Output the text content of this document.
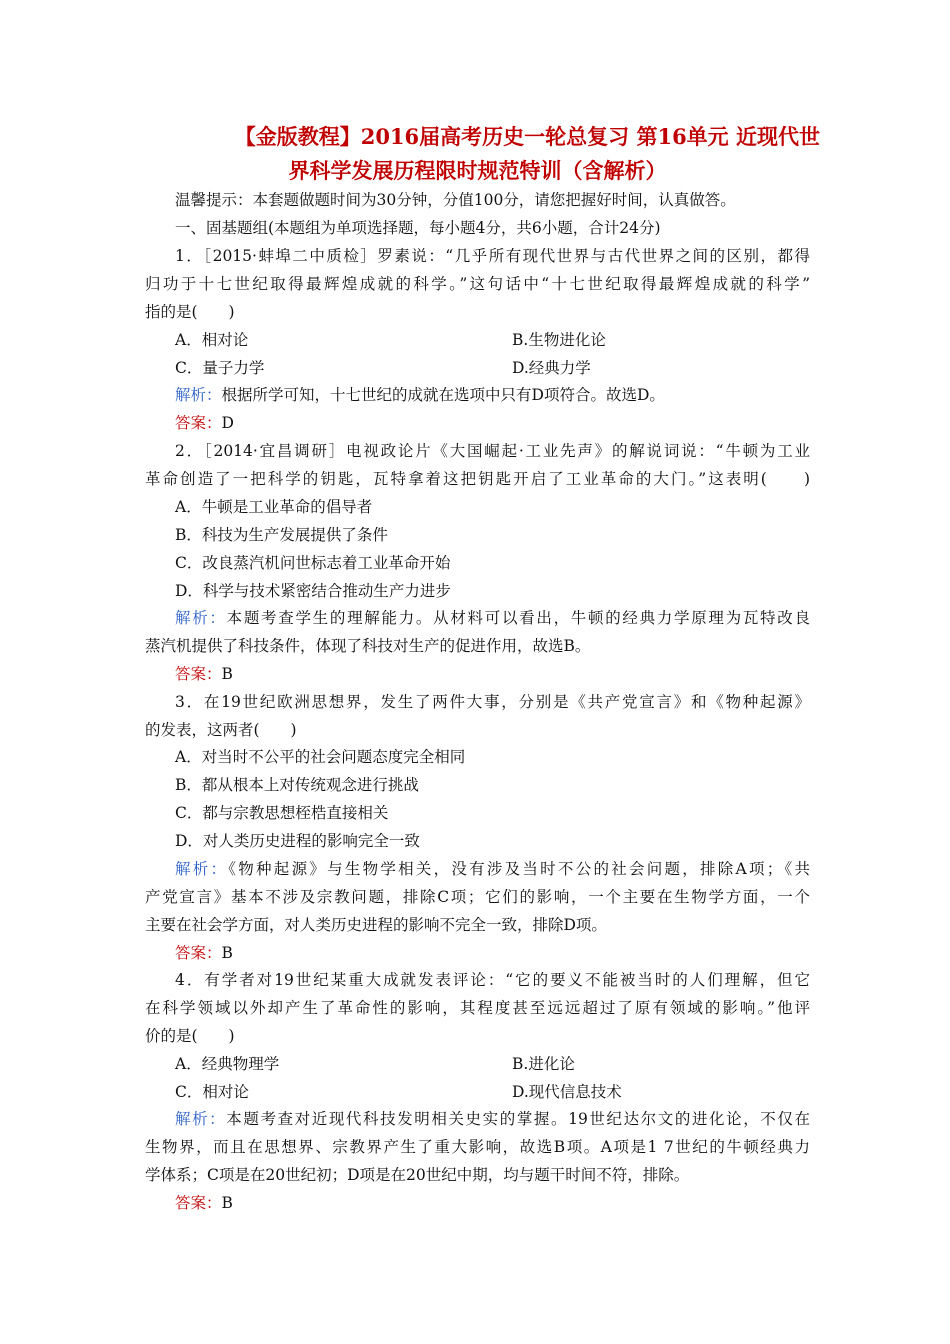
【金版教程】2016届高考历史一轮总复习 第16单元 近现代世
界科学发展历程限时规范特训（含解析）
温馨提示：本套题做题时间为30分钟，分值100分，请您把握好时间，认真做答。
一、固基题组(本题组为单项选择题，每小题4分，共6小题，合计24分)
1．［2015·蚌埠二中质检］罗素说：“几乎所有现代世界与古代世界之间的区别，都得
归功于十七世纪取得最辉煌成就的科学。”这句话中“十七世纪取得最辉煌成就的科学”
指的是(　　)
A．相对论	B.生物进化论
C．量子力学	D.经典力学
解析：根据所学可知，十七世纪的成就在选项中只有D项符合。故选D。
答案：D
2．［2014·宜昌调研］电视政论片《大国崛起·工业先声》的解说词说：“牛顿为工业
革命创造了一把科学的钥匙，瓦特拿着这把钥匙开启了工业革命的大门。”这表明(　　)
A．牛顿是工业革命的倡导者
B．科技为生产发展提供了条件
C．改良蒸汽机问世标志着工业革命开始
D．科学与技术紧密结合推动生产力进步
解析：本题考查学生的理解能力。从材料可以看出，牛顿的经典力学原理为瓦特改良
蒸汽机提供了科技条件，体现了科技对生产的促进作用，故选B。
答案：B
3．在19世纪欧洲思想界，发生了两件大事，分别是《共产党宣言》和《物种起源》
的发表，这两者(　　)
A．对当时不公平的社会问题态度完全相同
B．都从根本上对传统观念进行挑战
C．都与宗教思想桎梏直接相关
D．对人类历史进程的影响完全一致
解析：《物种起源》与生物学相关，没有涉及当时不公的社会问题，排除A项；《共
产党宣言》基本不涉及宗教问题，排除C项；它们的影响，一个主要在生物学方面，一个
主要在社会学方面，对人类历史进程的影响不完全一致，排除D项。
答案：B
4．有学者对19世纪某重大成就发表评论：“它的要义不能被当时的人们理解，但它
在科学领域以外却产生了革命性的影响，其程度甚至远远超过了原有领域的影响。”他评
价的是(　　)
A．经典物理学	B.进化论
C．相对论	D.现代信息技术
解析：本题考查对近现代科技发明相关史实的掌握。19世纪达尔文的进化论，不仅在
生物界，而且在思想界、宗教界产生了重大影响，故选B项。A项是1 7世纪的牛顿经典力
学体系；C项是在20世纪初；D项是在20世纪中期，均与题干时间不符，排除。
答案：B
